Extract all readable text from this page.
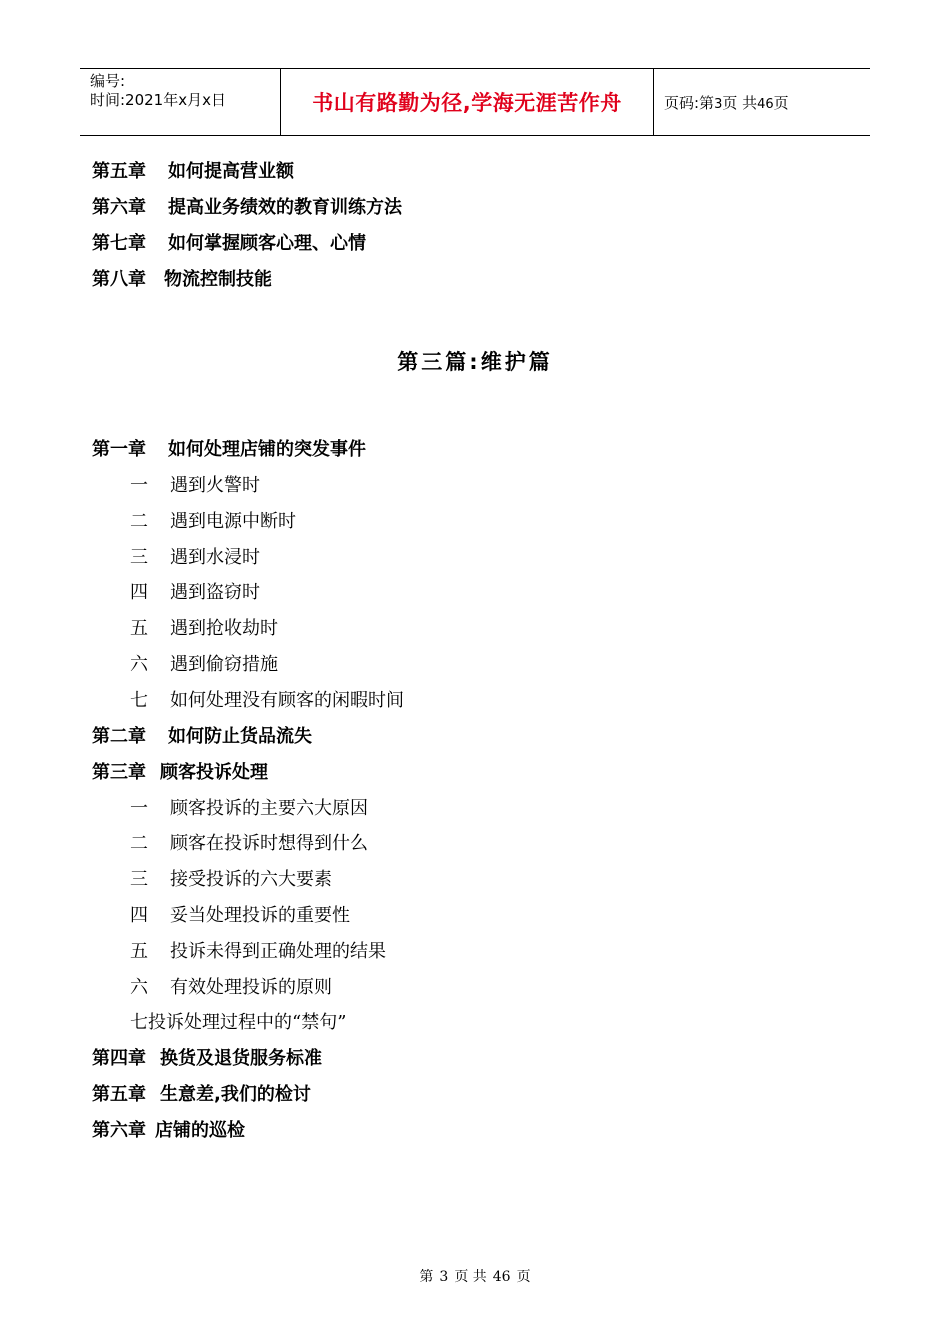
编号:
时间:2021年x月x日	书山有路勤为径,学海无涯苦作舟	页码:第3页 共46页
第五章 如何提高营业额
第六章 提高业务绩效的教育训练方法
第七章 如何掌握顾客心理、心情
第八章 物流控制技能
第三篇:维护篇
第一章 如何处理店铺的突发事件
一 遇到火警时
二 遇到电源中断时
三 遇到水浸时
四 遇到盗窃时
五 遇到抢收劫时
六 遇到偷窃措施
七 如何处理没有顾客的闲暇时间
第二章 如何防止货品流失
第三章 顾客投诉处理
一 顾客投诉的主要六大原因
二 顾客在投诉时想得到什么
三 接受投诉的六大要素
四 妥当处理投诉的重要性
五 投诉未得到正确处理的结果
六 有效处理投诉的原则
七投诉处理过程中的“禁句”
第四章 换货及退货服务标准
第五章 生意差,我们的检讨
第六章 店铺的巡检
第 3 页 共 46 页
